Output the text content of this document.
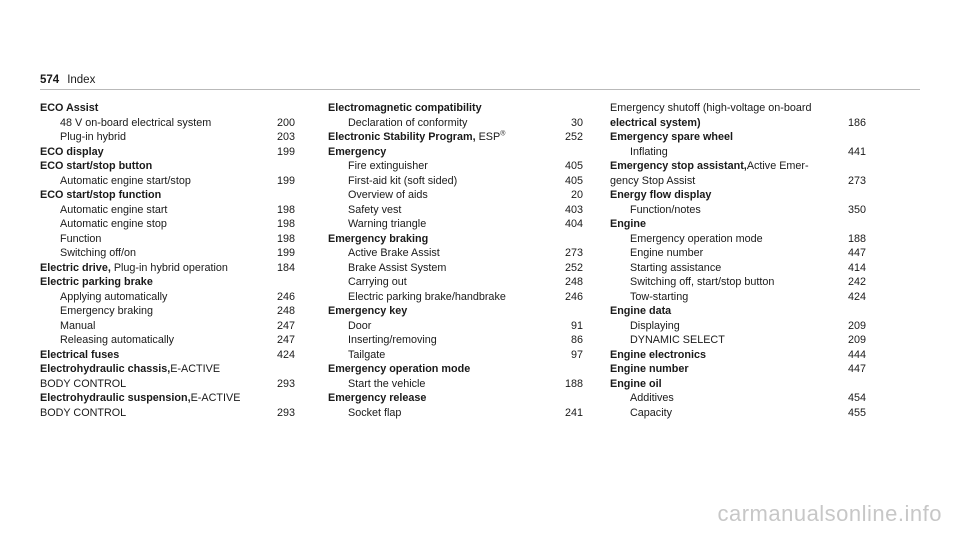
574 Index
ECO Assist
48 V on-board electrical system	200
Plug-in hybrid	203
ECO display	199
ECO start/stop button
Automatic engine start/stop	199
ECO start/stop function
Automatic engine start	198
Automatic engine stop	198
Function	198
Switching off/on	199
Electric drive, Plug-in hybrid operation	184
Electric parking brake
Applying automatically	246
Emergency braking	248
Manual	247
Releasing automatically	247
Electrical fuses	424
Electrohydraulic chassis, E-ACTIVE
BODY CONTROL	293
Electrohydraulic suspension, E-ACTIVE
BODY CONTROL	293
Electromagnetic compatibility
Declaration of conformity	30
Electronic Stability Program, ESP®	252
Emergency
Fire extinguisher	405
First-aid kit (soft sided)	405
Overview of aids	20
Safety vest	403
Warning triangle	404
Emergency braking
Active Brake Assist	273
Brake Assist System	252
Carrying out	248
Electric parking brake/handbrake	246
Emergency key
Door	91
Inserting/removing	86
Tailgate	97
Emergency operation mode
Start the vehicle	188
Emergency release
Socket flap	241
Emergency shutoff (high-voltage on-board
electrical system)	186
Emergency spare wheel
Inflating	441
Emergency stop assistant, Active Emer-
gency Stop Assist	273
Energy flow display
Function/notes	350
Engine
Emergency operation mode	188
Engine number	447
Starting assistance	414
Switching off, start/stop button	242
Tow-starting	424
Engine data
Displaying	209
DYNAMIC SELECT	209
Engine electronics	444
Engine number	447
Engine oil
Additives	454
Capacity	455
carmanualsonline.info
